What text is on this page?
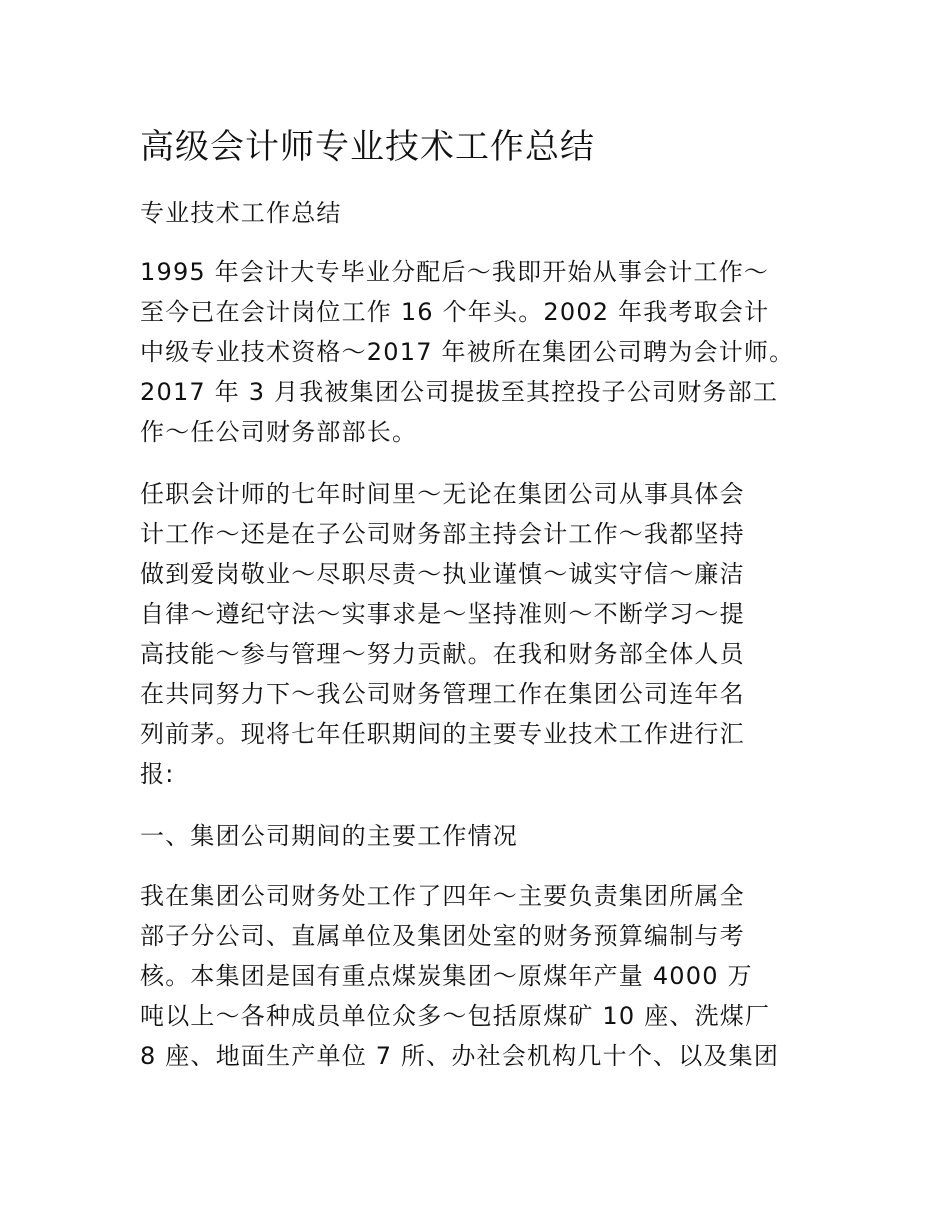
高级会计师专业技术工作总结
专业技术工作总结
1995 年会计大专毕业分配后～我即开始从事会计工作～
至今已在会计岗位工作 16 个年头。2002 年我考取会计
中级专业技术资格～2017 年被所在集团公司聘为会计师。
2017 年 3 月我被集团公司提拔至其控投子公司财务部工
作～任公司财务部部长。
任职会计师的七年时间里～无论在集团公司从事具体会
计工作～还是在子公司财务部主持会计工作～我都坚持
做到爱岗敬业～尽职尽责～执业谨慎～诚实守信～廉洁
自律～遵纪守法～实事求是～坚持准则～不断学习～提
高技能～参与管理～努力贡献。在我和财务部全体人员
在共同努力下～我公司财务管理工作在集团公司连年名
列前茅。现将七年任职期间的主要专业技术工作进行汇
报:
一、集团公司期间的主要工作情况
我在集团公司财务处工作了四年～主要负责集团所属全
部子分公司、直属单位及集团处室的财务预算编制与考
核。本集团是国有重点煤炭集团～原煤年产量 4000 万
吨以上～各种成员单位众多～包括原煤矿 10 座、洗煤厂
8 座、地面生产单位 7 所、办社会机构几十个、以及集团
